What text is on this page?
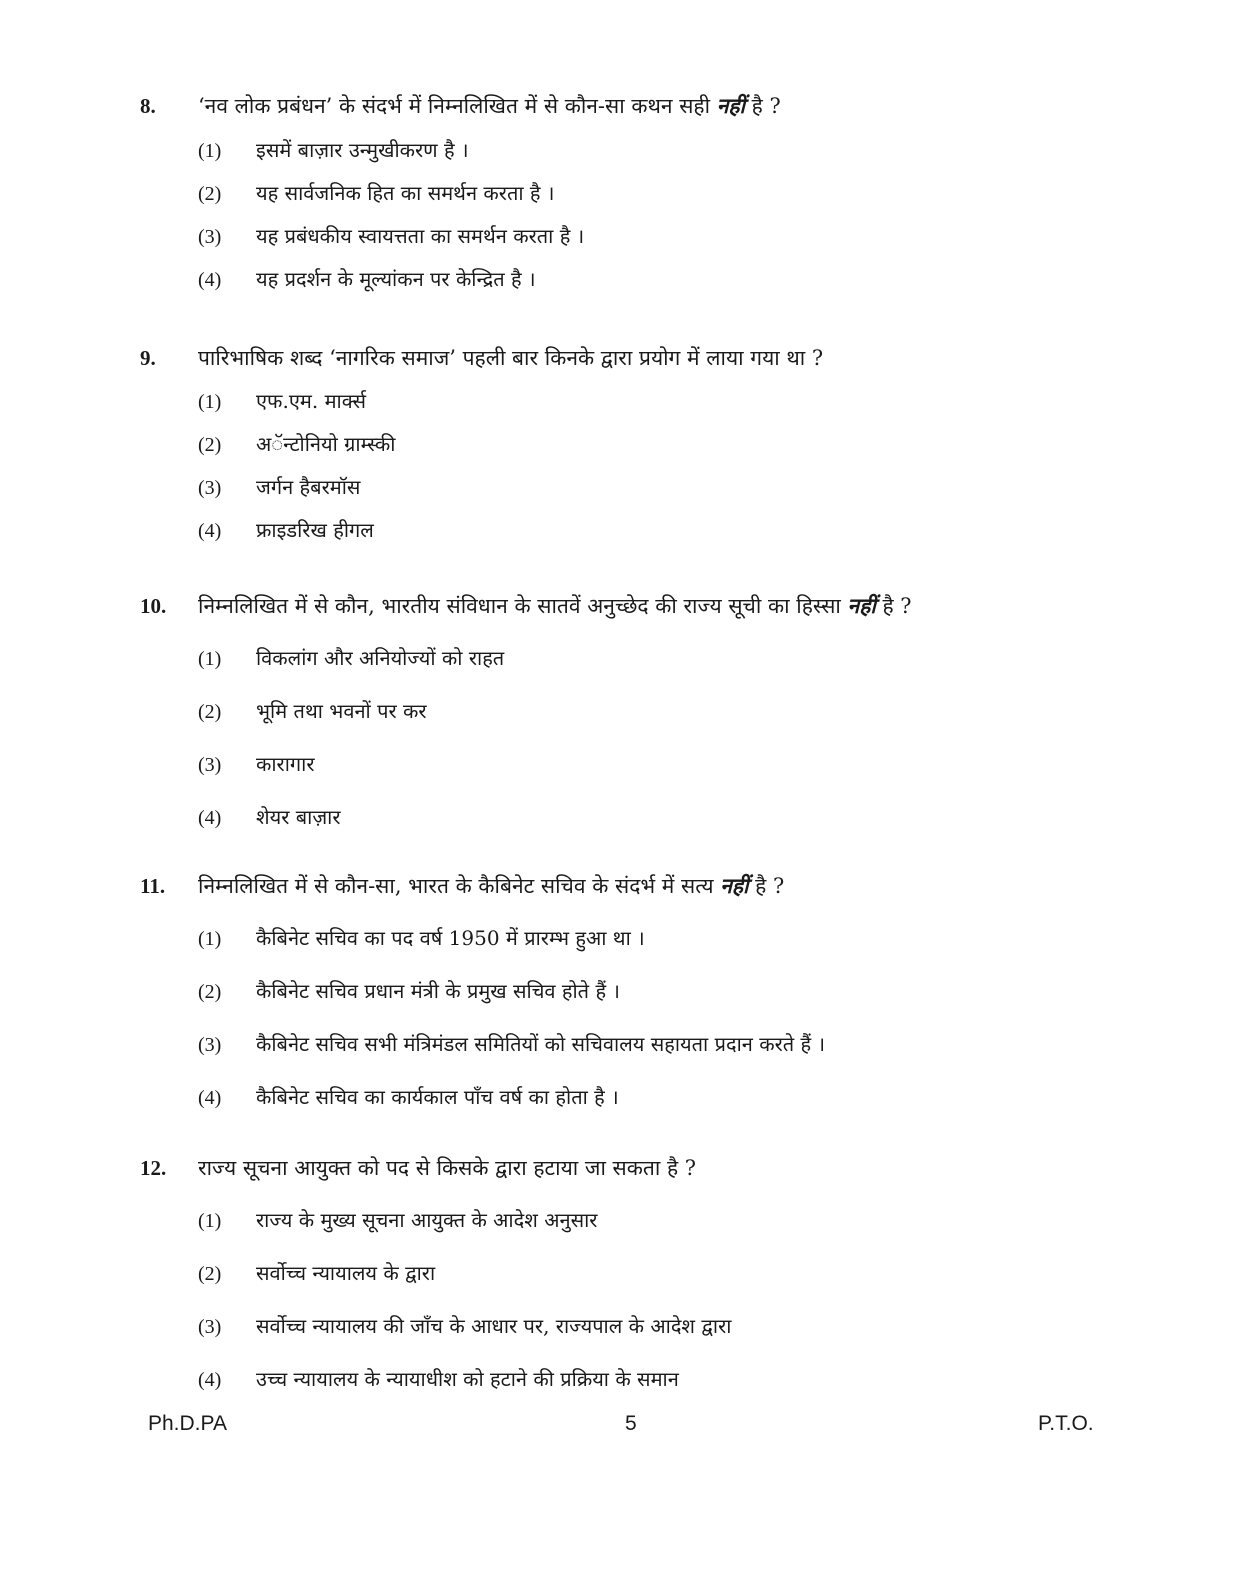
8.	‘नव लोक प्रबंधन’ के संदर्भ में निम्नलिखित में से कौन-सा कथन सही नहीं है ?
(1)	इसमें बाज़ार उन्मुखीकरण है ।
(2)	यह सार्वजनिक हित का समर्थन करता है ।
(3)	यह प्रबंधकीय स्वायत्तता का समर्थन करता है ।
(4)	यह प्रदर्शन के मूल्यांकन पर केन्द्रित है ।
9.	पारिभाषिक शब्द ‘नागरिक समाज’ पहली बार किनके द्वारा प्रयोग में लाया गया था ?
(1)	एफ.एम. मार्क्स
(2)	अॅन्टोनियो ग्राम्स्की
(3)	जर्गन हैबरमॉस
(4)	फ्राइडरिख हीगल
10.	निम्नलिखित में से कौन, भारतीय संविधान के सातवें अनुच्छेद की राज्य सूची का हिस्सा नहीं है ?
(1)	विकलांग और अनियोज्यों को राहत
(2)	भूमि तथा भवनों पर कर
(3)	कारागार
(4)	शेयर बाज़ार
11.	निम्नलिखित में से कौन-सा, भारत के कैबिनेट सचिव के संदर्भ में सत्य नहीं है ?
(1)	कैबिनेट सचिव का पद वर्ष 1950 में प्रारम्भ हुआ था ।
(2)	कैबिनेट सचिव प्रधान मंत्री के प्रमुख सचिव होते हैं ।
(3)	कैबिनेट सचिव सभी मंत्रिमंडल समितियों को सचिवालय सहायता प्रदान करते हैं ।
(4)	कैबिनेट सचिव का कार्यकाल पाँच वर्ष का होता है ।
12.	राज्य सूचना आयुक्त को पद से किसके द्वारा हटाया जा सकता है ?
(1)	राज्य के मुख्य सूचना आयुक्त के आदेश अनुसार
(2)	सर्वोच्च न्यायालय के द्वारा
(3)	सर्वोच्च न्यायालय की जाँच के आधार पर, राज्यपाल के आदेश द्वारा
(4)	उच्च न्यायालय के न्यायाधीश को हटाने की प्रक्रिया के समान
Ph.D.PA	5	P.T.O.
